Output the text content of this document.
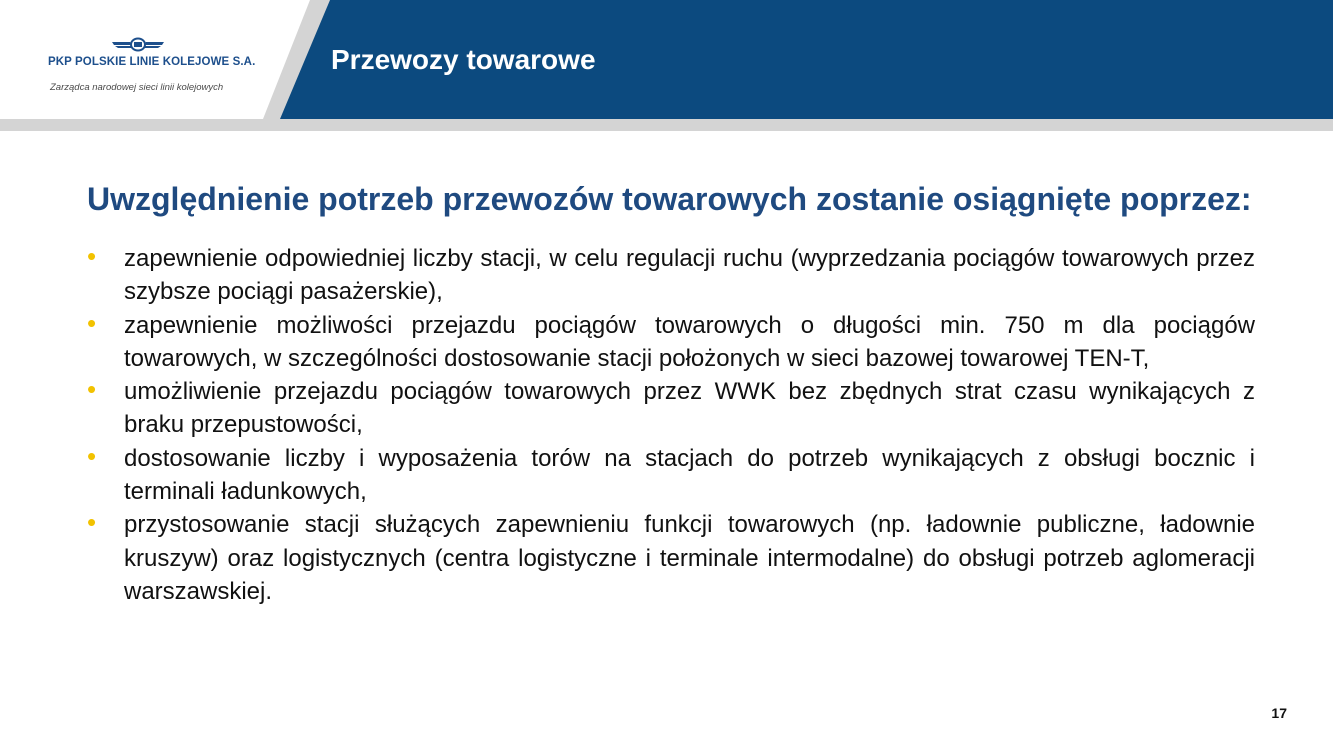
PKP POLSKIE LINIE KOLEJOWE S.A.
Zarządca narodowej sieci linii kolejowych
Przewozy towarowe
Uwzględnienie potrzeb przewozów towarowych zostanie osiągnięte poprzez:
• zapewnienie odpowiedniej liczby stacji, w celu regulacji ruchu (wyprzedzania pociągów towarowych przez szybsze pociągi pasażerskie),
• zapewnienie możliwości przejazdu pociągów towarowych o długości min. 750 m dla pociągów towarowych, w szczególności dostosowanie stacji położonych w sieci bazowej towarowej TEN-T,
• umożliwienie przejazdu pociągów towarowych przez WWK bez zbędnych strat czasu wynikających z braku przepustowości,
• dostosowanie liczby i wyposażenia torów na stacjach do potrzeb wynikających z obsługi bocznic i terminali ładunkowych,
• przystosowanie stacji służących zapewnieniu funkcji towarowych (np. ładownie publiczne, ładownie kruszyw) oraz logistycznych (centra logistyczne i terminale intermodalne) do obsługi potrzeb aglomeracji warszawskiej.
17
